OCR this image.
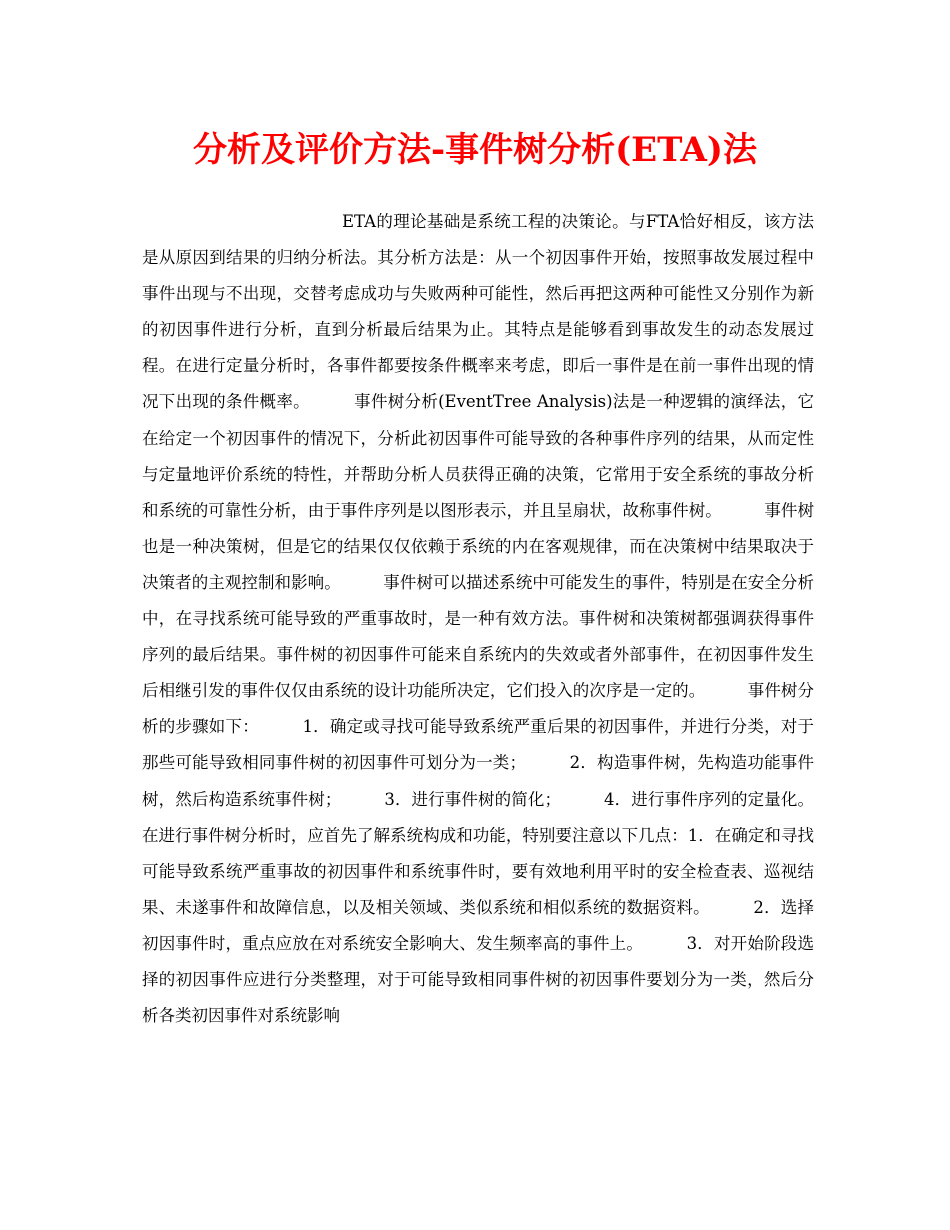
分析及评价方法-事件树分析(ETA)法

ETA的理论基础是系统工程的决策论。与FTA恰好相反，该方法是从原因到结果的归纳分析法。其分析方法是：从一个初因事件开始，按照事故发展过程中事件出现与不出现，交替考虑成功与失败两种可能性，然后再把这两种可能性又分别作为新的初因事件进行分析，直到分析最后结果为止。其特点是能够看到事故发生的动态发展过程。在进行定量分析时，各事件都要按条件概率来考虑，即后一事件是在前一事件出现的情况下出现的条件概率。        事件树分析(EventTree Analysis)法是一种逻辑的演绎法，它在给定一个初因事件的情况下，分析此初因事件可能导致的各种事件序列的结果，从而定性与定量地评价系统的特性，并帮助分析人员获得正确的决策，它常用于安全系统的事故分析和系统的可靠性分析，由于事件序列是以图形表示，并且呈扇状，故称事件树。        事件树也是一种决策树，但是它的结果仅仅依赖于系统的内在客观规律，而在决策树中结果取决于决策者的主观控制和影响。        事件树可以描述系统中可能发生的事件，特别是在安全分析中，在寻找系统可能导致的严重事故时，是一种有效方法。事件树和决策树都强调获得事件序列的最后结果。事件树的初因事件可能来自系统内的失效或者外部事件，在初因事件发生后相继引发的事件仅仅由系统的设计功能所决定，它们投入的次序是一定的。        事件树分析的步骤如下：        1．确定或寻找可能导致系统严重后果的初因事件，并进行分类，对于那些可能导致相同事件树的初因事件可划分为一类；        2．构造事件树，先构造功能事件树，然后构造系统事件树；        3．进行事件树的简化；        4．进行事件序列的定量化。在进行事件树分析时，应首先了解系统构成和功能，特别要注意以下几点：1．在确定和寻找可能导致系统严重事故的初因事件和系统事件时，要有效地利用平时的安全检查表、巡视结果、未遂事件和故障信息，以及相关领域、类似系统和相似系统的数据资料。        2．选择初因事件时，重点应放在对系统安全影响大、发生频率高的事件上。        3．对开始阶段选择的初因事件应进行分类整理，对于可能导致相同事件树的初因事件要划分为一类，然后分析各类初因事件对系统影响
